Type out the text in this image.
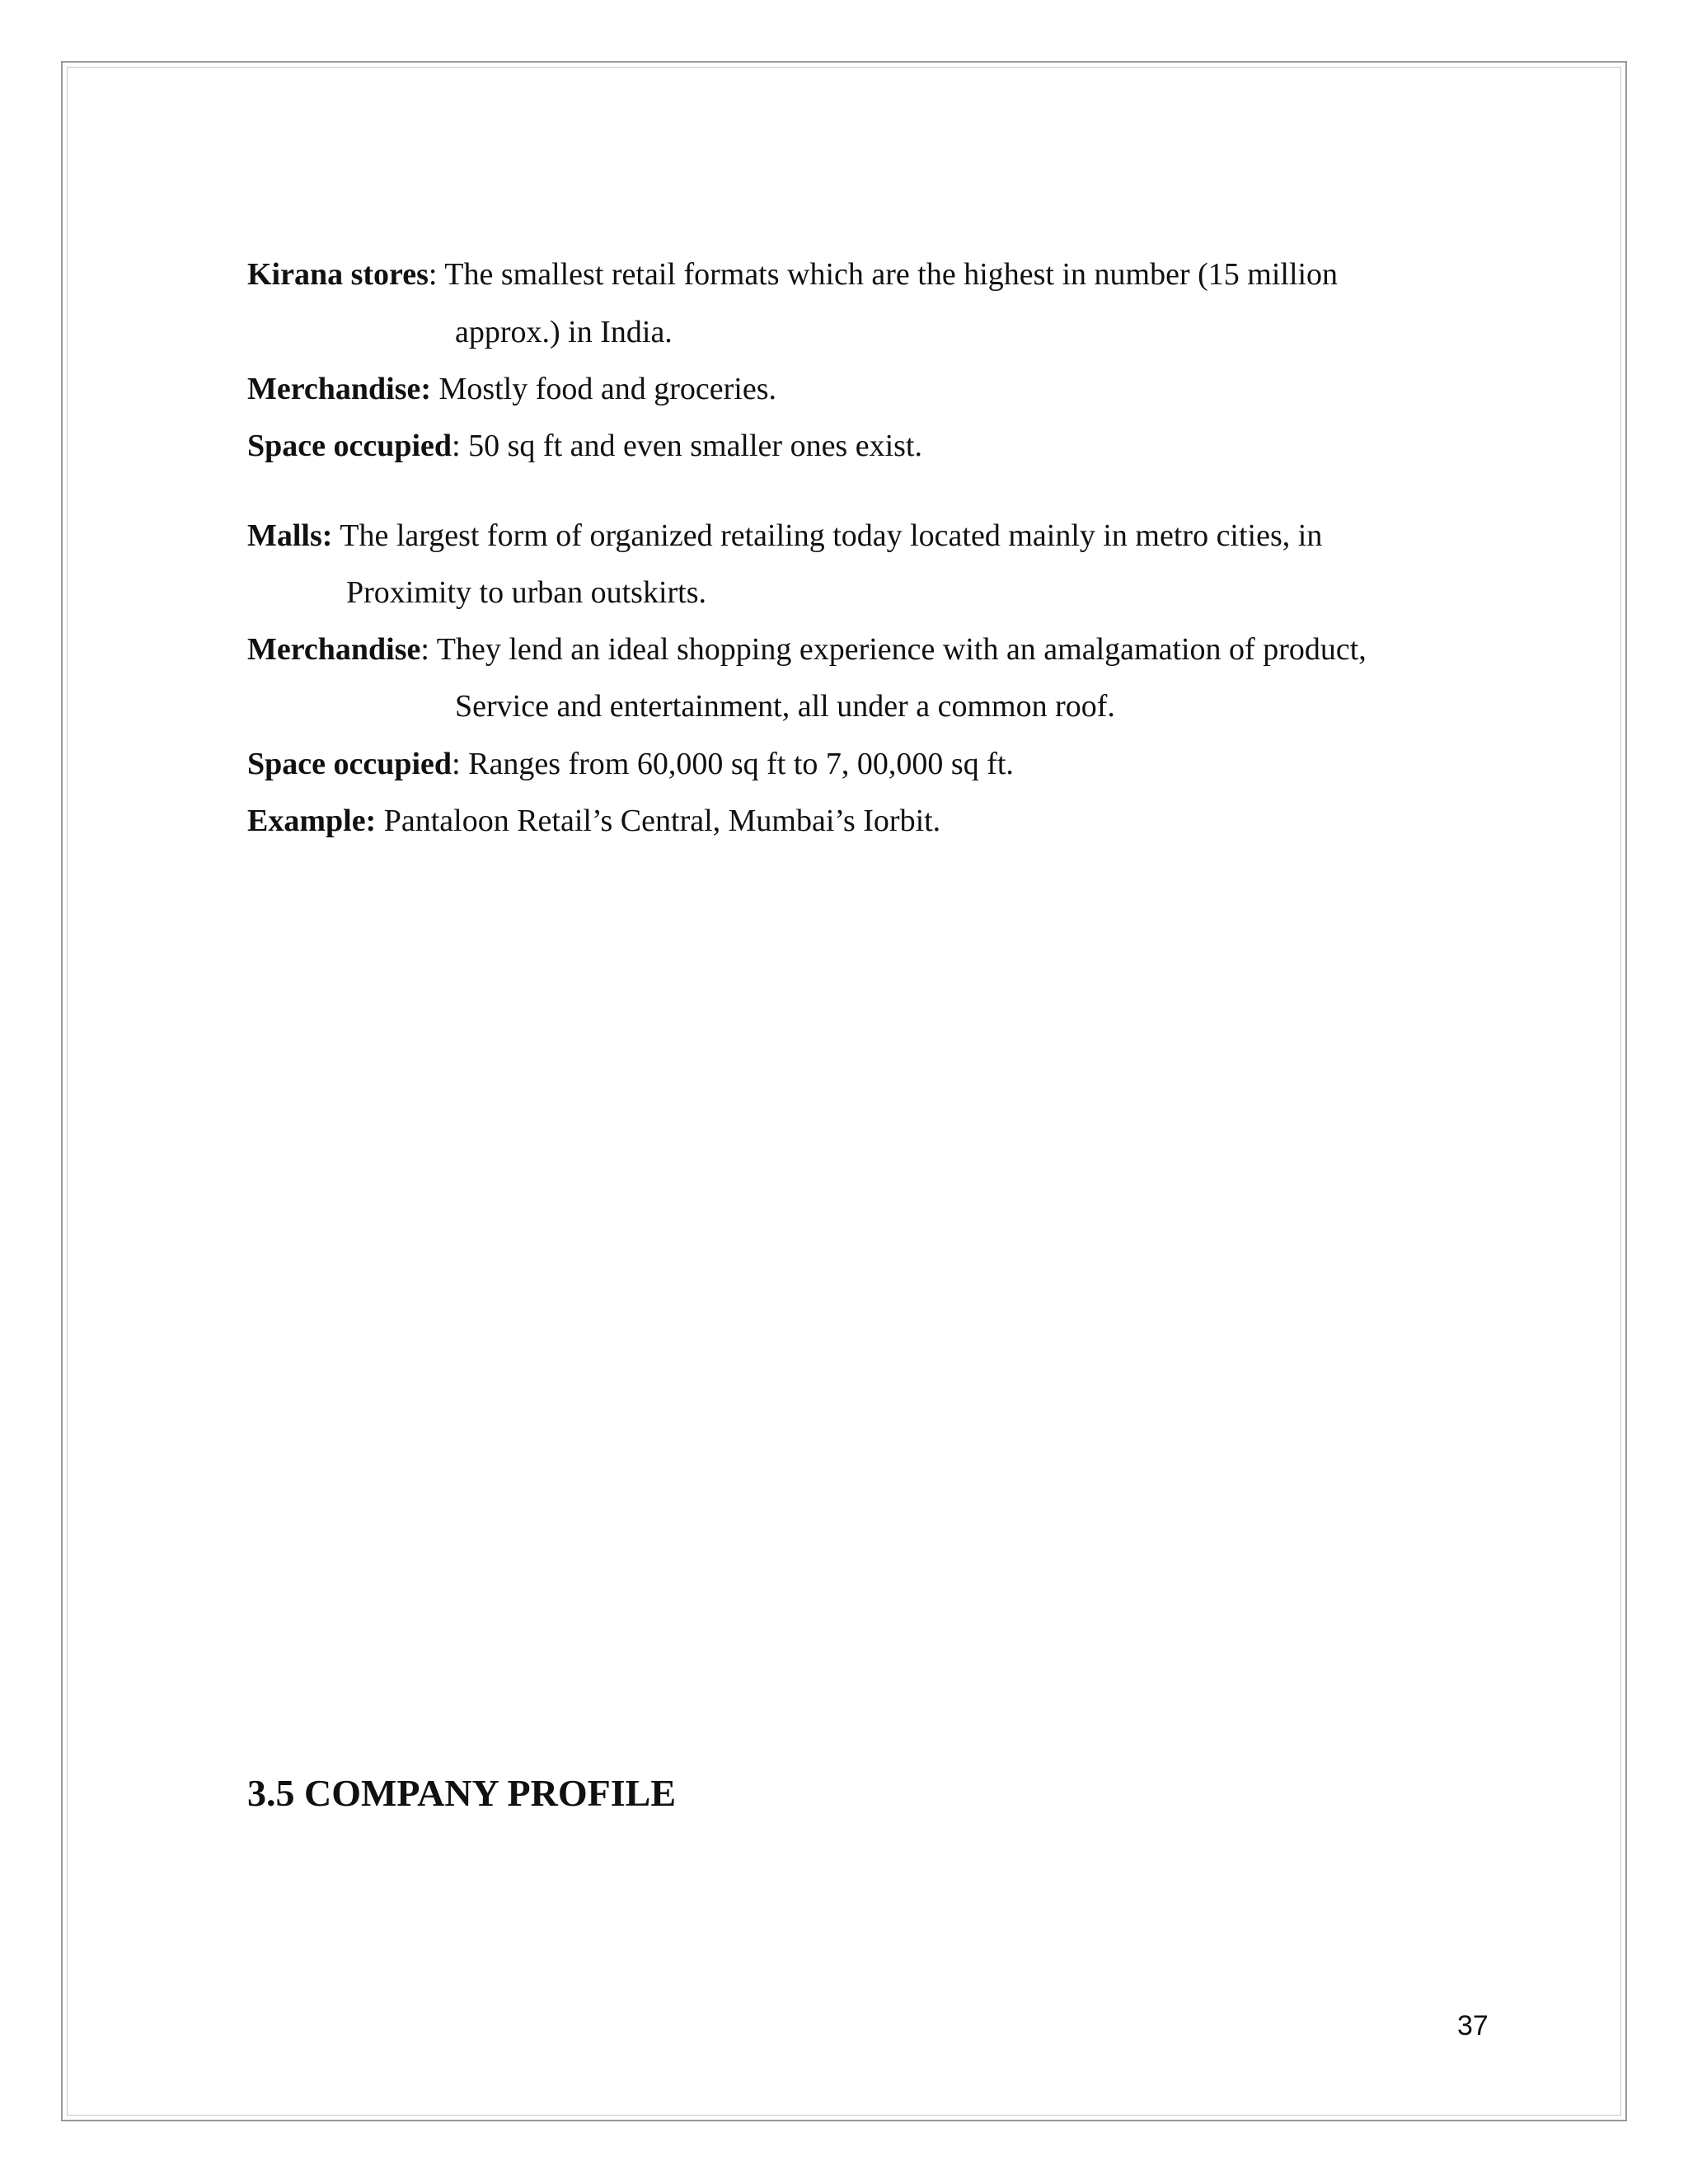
Kirana stores: The smallest retail formats which are the highest in number (15 million
approx.) in India.
Merchandise: Mostly food and groceries.
Space occupied: 50 sq ft and even smaller ones exist.
Malls: The largest form of organized retailing today located mainly in metro cities, in
Proximity to urban outskirts.
Merchandise: They lend an ideal shopping experience with an amalgamation of product,
Service and entertainment, all under a common roof.
Space occupied: Ranges from 60,000 sq ft to 7, 00,000 sq ft.
Example: Pantaloon Retail’s Central, Mumbai’s Iorbit.
3.5 COMPANY PROFILE
37
